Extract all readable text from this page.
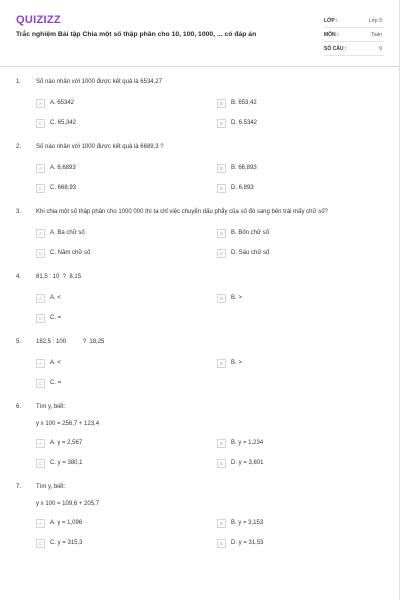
QUIZIZZ
Trắc nghiệm Bài tập Chia một số thập phân cho 10, 100, 1000, ... có đáp án
LỚP :	Lớp 5
MÔN :	Toán
SỐ CÂU :	9
1.	Số nào nhân với 1000 được kết quả là 6534,27
A	A. 65342	B	B. 653,42
C	C. 65,342	D	D. 6,5342
2.	Số nào nhân với 1000 được kết quả là 6689,3 ?
A	A. 6,6893	B	B. 66,893
C	C. 668,93	D	D. 6,893
3.	Khi chia một số thập phân cho 1000 000 thì ta chỉ việc chuyển dấu phẩy của số đó sang bên trái mấy chữ số?
A	A. Ba chữ số	B	B. Bốn chữ số
C	C. Năm chữ số	D	D. Sáu chữ số
4.	81,5 : 10  ?  8,15
A	A. <	B	B. >
C	C. =
5.	182,5 : 100          ?  18,25
A	A. <	B	B. >
C	C. =
6.	Tìm y, biết:
y x 100 = 256,7 + 123,4
A	A. y = 2,567	B	B. y = 1,234
C	C. y = 380,1	D	D. y = 3,801
7.	Tìm y, biết:
y x 100 = 109,6 + 205,7
A	A. y = 1,096	B	B. y = 3,153
C	C. y = 315,3	D	D. y = 31,53
